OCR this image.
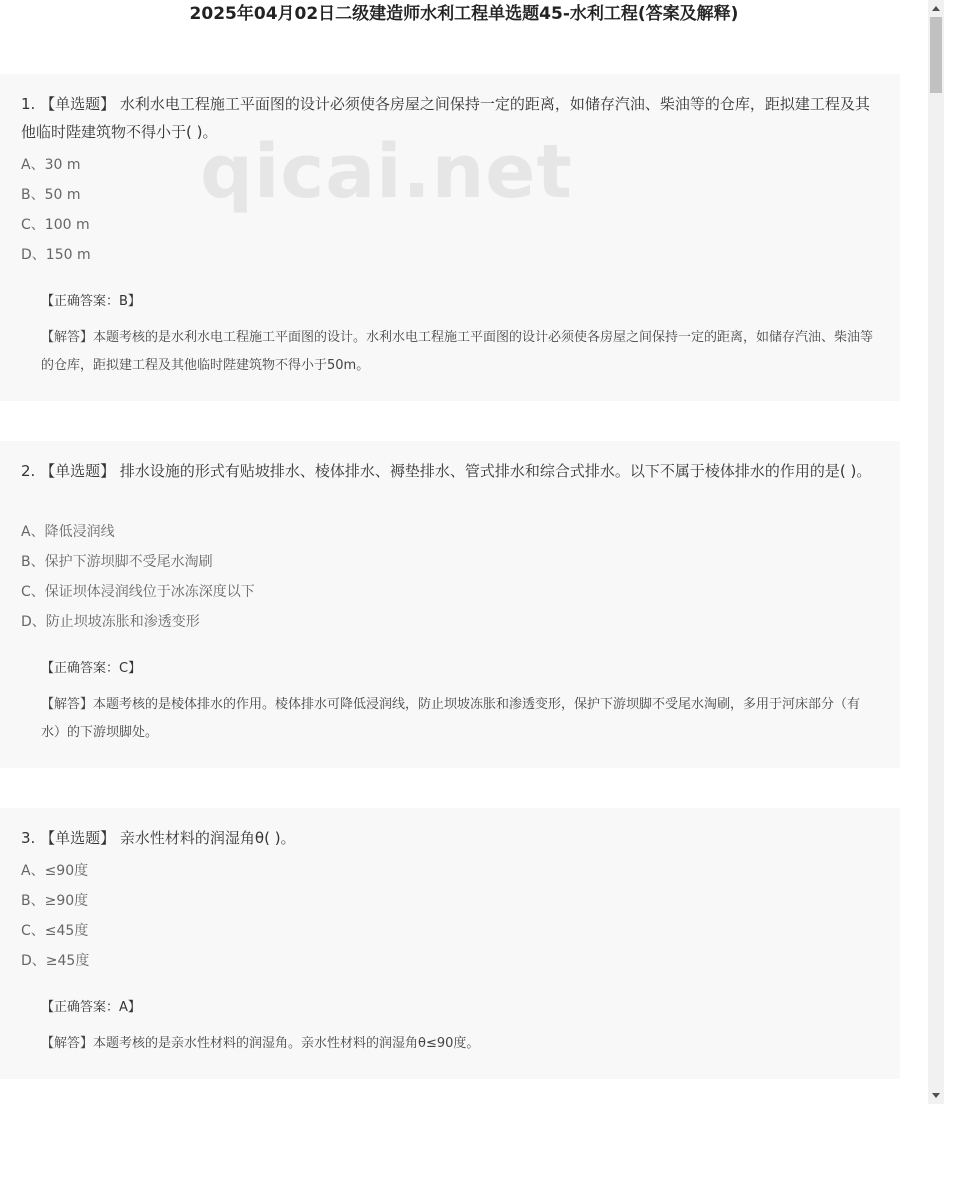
2025年04月02日二级建造师水利工程单选题45-水利工程(答案及解释)
1. 【单选题】 水利水电工程施工平面图的设计必须使各房屋之间保持一定的距离，如储存汽油、柴油等的仓库，距拟建工程及其他临时陛建筑物不得小于( )。
A 、 30 m
B 、 50 m
C 、 100 m
D 、 150 m
【正确答案：B】
【解答】本题考核的是水利水电工程施工平面图的设计。水利水电工程施工平面图的设计必须使各房屋之间保持一定的距离，如储存汽油、柴油等的仓库，距拟建工程及其他临时陛建筑物不得小于50m。
2. 【单选题】 排水设施的形式有贴坡排水、棱体排水、褥垫排水、管式排水和综合式排水。以下不属于棱体排水的作用的是( )。
A 、 降低浸润线
B 、 保护下游坝脚不受尾水淘刷
C 、 保证坝体浸润线位于冰冻深度以下
D 、 防止坝坡冻胀和渗透变形
【正确答案：C】
【解答】本题考核的是棱体排水的作用。棱体排水可降低浸润线，防止坝坡冻胀和渗透变形，保护下游坝脚不受尾水淘刷，多用于河床部分（有水）的下游坝脚处。
3. 【单选题】 亲水性材料的润湿角θ( )。
A 、 ≤90度
B 、 ≥90度
C 、 ≤45度
D 、 ≥45度
【正确答案：A】
【解答】本题考核的是亲水性材料的润湿角。亲水性材料的润湿角θ≤90度。
qicai.net
